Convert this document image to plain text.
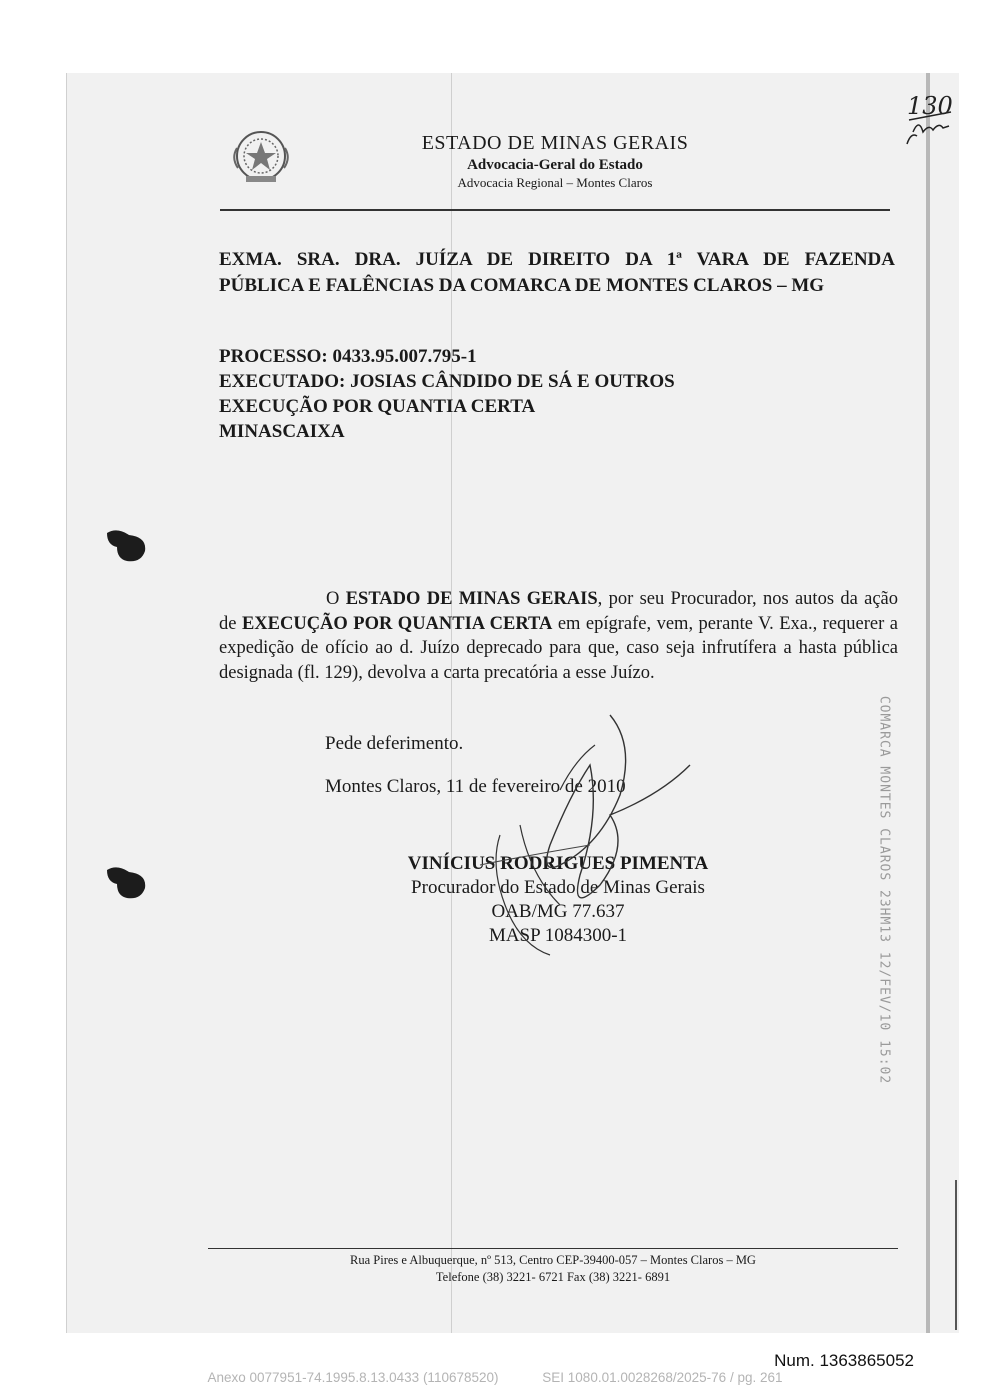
ESTADO DE MINAS GERAIS
Advocacia-Geral do Estado
Advocacia Regional – Montes Claros
130
EXMA. SRA. DRA. JUÍZA DE DIREITO DA 1ª VARA DE FAZENDA
PÚBLICA E FALÊNCIAS DA COMARCA DE MONTES CLAROS – MG
PROCESSO: 0433.95.007.795-1
EXECUTADO: JOSIAS CÂNDIDO DE SÁ E OUTROS
EXECUÇÃO POR QUANTIA CERTA
MINASCAIXA
O ESTADO DE MINAS GERAIS, por seu Procurador, nos autos da ação de EXECUÇÃO POR QUANTIA CERTA em epígrafe, vem, perante V. Exa., requerer a expedição de ofício ao d. Juízo deprecado para que, caso seja infrutífera a hasta pública designada (fl. 129), devolva a carta precatória a esse Juízo.
Pede deferimento.
Montes Claros, 11 de fevereiro de 2010
VINÍCIUS RODRIGUES PIMENTA
Procurador do Estado de Minas Gerais
OAB/MG 77.637
MASP 1084300-1	COMARCA MONTES CLAROS 23HM13 12/FEV/10 15:02
Rua Pires e Albuquerque, nº 513, Centro CEP-39400-057 – Montes Claros – MG
Telefone (38) 3221- 6721 Fax (38) 3221- 6891
Num. 1363865052
Anexo 0077951-74.1995.8.13.0433 (110678520)	SEI 1080.01.0028268/2025-76 / pg. 261
